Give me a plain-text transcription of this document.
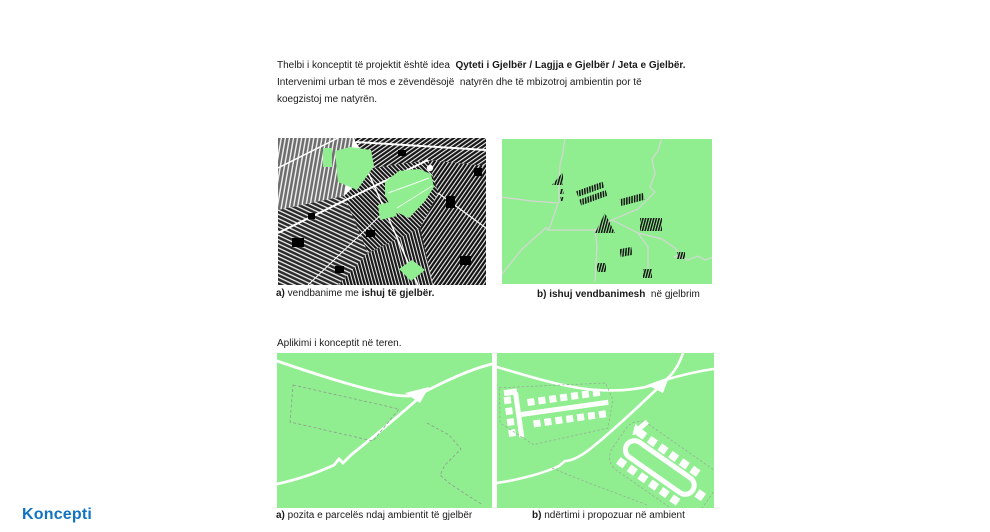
Thelbi i konceptit të projektit është idea  Qyteti i Gjelbër / Lagjja e Gjelbër / Jeta e Gjelbër.
Intervenimi urban të mos e zëvendësojë  natyrën dhe të mbizotroj ambientin por të
koegzistoj me natyrën.
a) vendbanime me ishuj të gjelbër.	b) ishuj vendbanimesh  në gjelbrim
Aplikimi i konceptit në teren.
a) pozita e parcelës ndaj ambientit të gjelbër	b) ndërtimi i propozuar në ambient
Koncepti
